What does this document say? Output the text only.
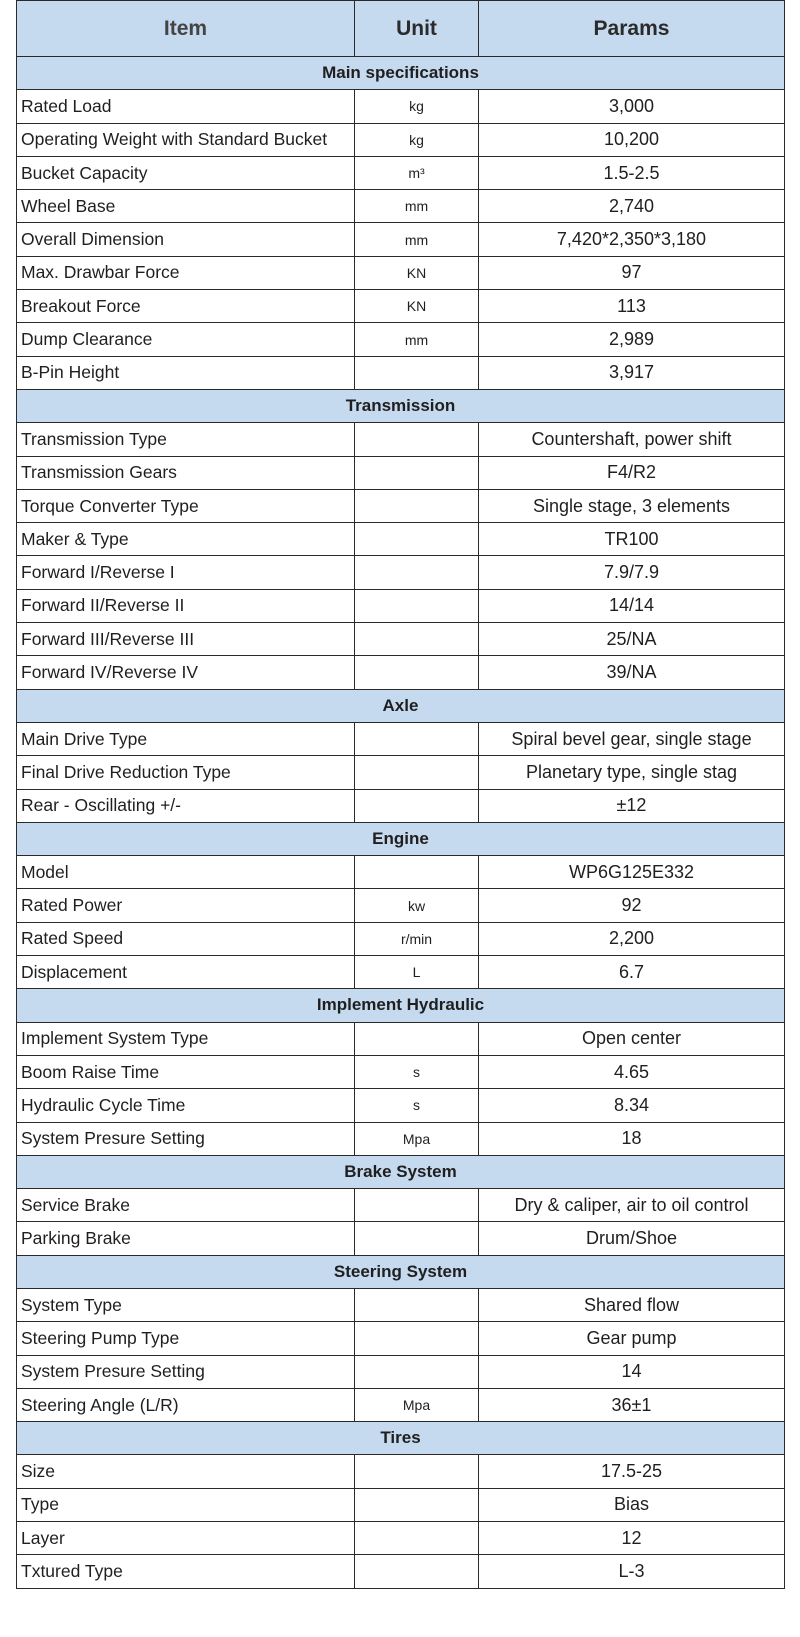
Item	Unit	Params
Main specifications		
Rated Load	kg	3,000
Operating Weight with Standard Bucket	kg	10,200
Bucket Capacity	m³	1.5-2.5
Wheel Base	mm	2,740
Overall Dimension	mm	7,420*2,350*3,180
Max. Drawbar Force	KN	97
Breakout Force	KN	113
Dump Clearance	mm	2,989
B-Pin Height		3,917
Transmission		
Transmission Type		Countershaft, power shift
Transmission Gears		F4/R2
Torque Converter Type		Single stage, 3 elements
Maker & Type		TR100
Forward I/Reverse I		7.9/7.9
Forward II/Reverse II		14/14
Forward III/Reverse III		25/NA
Forward IV/Reverse IV		39/NA
Axle		
Main Drive Type		Spiral bevel gear, single stage
Final Drive Reduction Type		Planetary type, single stag
Rear - Oscillating +/-		±12
Engine		
Model		WP6G125E332
Rated Power	kw	92
Rated Speed	r/min	2,200
Displacement	L	6.7
Implement Hydraulic		
Implement System Type		Open center
Boom Raise Time	s	4.65
Hydraulic Cycle Time	s	8.34
System Presure Setting	Mpa	18
Brake System		
Service Brake		Dry & caliper, air to oil control
Parking Brake		Drum/Shoe
Steering System		
System Type		Shared flow
Steering Pump Type		Gear pump
System Presure Setting		14
Steering Angle (L/R)	Mpa	36±1
Tires		
Size		17.5-25
Type		Bias
Layer		12
Txtured Type		L-3
